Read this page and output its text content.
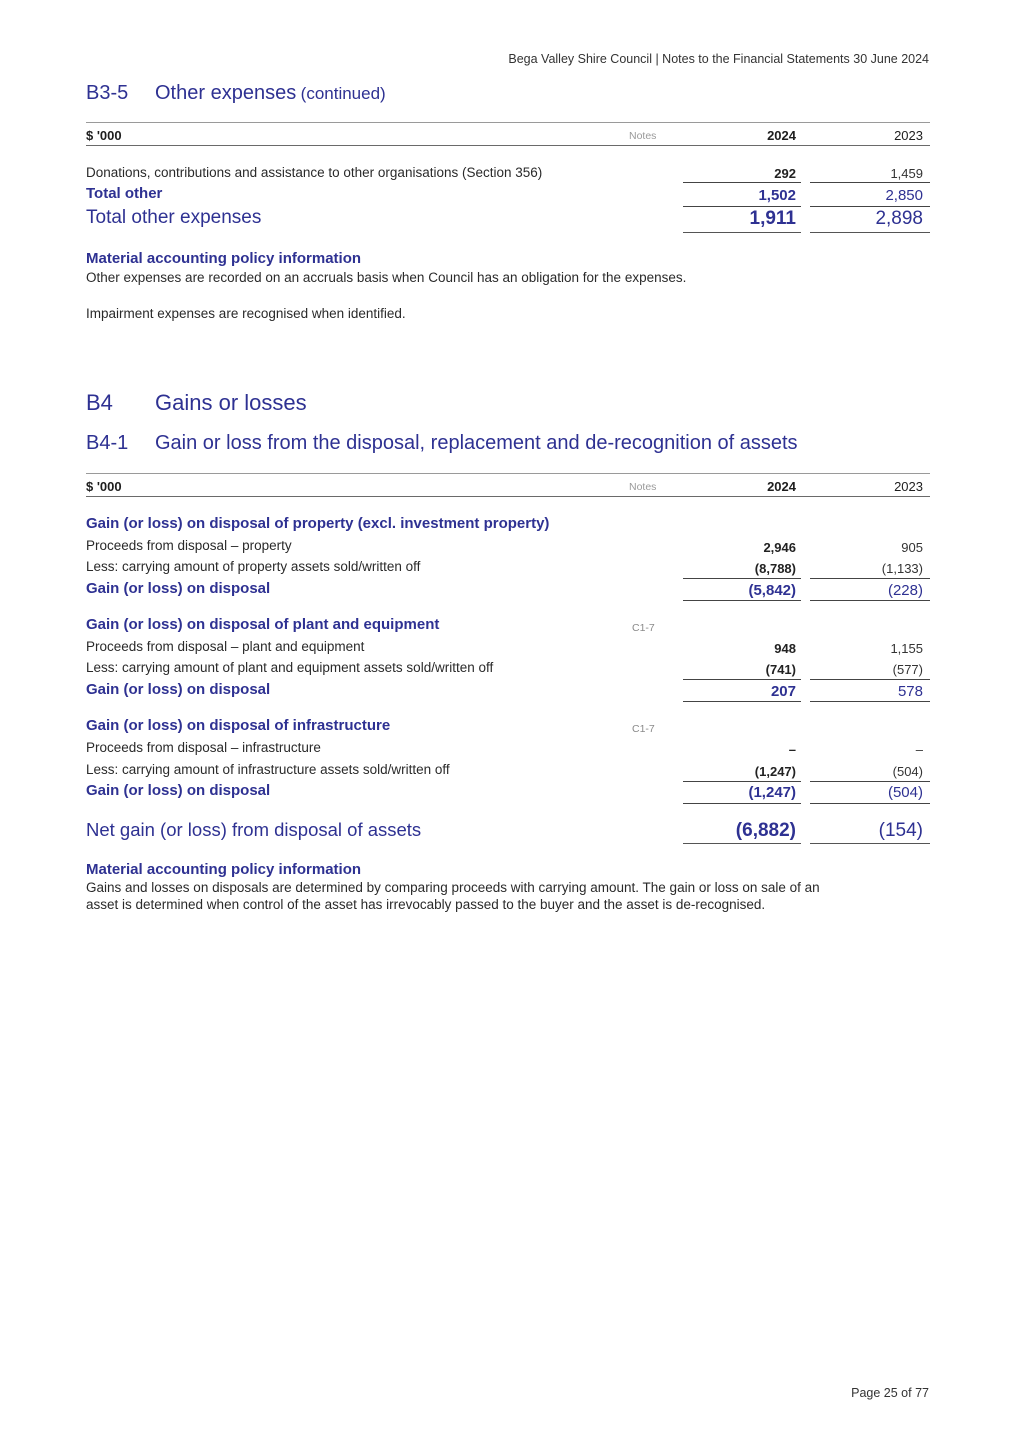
Bega Valley Shire Council | Notes to the Financial Statements 30 June 2024
B3-5 Other expenses (continued)
$ '000	Notes	2024	2023
Donations, contributions and assistance to other organisations (Section 356)	292	1,459
Total other	1,502	2,850
Total other expenses	1,911	2,898
Material accounting policy information
Other expenses are recorded on an accruals basis when Council has an obligation for the expenses.
Impairment expenses are recognised when identified.
B4 Gains or losses
B4-1 Gain or loss from the disposal, replacement and de-recognition of assets
$ '000	Notes	2024	2023
Gain (or loss) on disposal of property (excl. investment property)
Proceeds from disposal – property	2,946	905
Less: carrying amount of property assets sold/written off	(8,788)	(1,133)
Gain (or loss) on disposal	(5,842)	(228)
Gain (or loss) on disposal of plant and equipment	C1-7
Proceeds from disposal – plant and equipment	948	1,155
Less: carrying amount of plant and equipment assets sold/written off	(741)	(577)
Gain (or loss) on disposal	207	578
Gain (or loss) on disposal of infrastructure	C1-7
Proceeds from disposal – infrastructure	–	–
Less: carrying amount of infrastructure assets sold/written off	(1,247)	(504)
Gain (or loss) on disposal	(1,247)	(504)
Net gain (or loss) from disposal of assets	(6,882)	(154)
Material accounting policy information
Gains and losses on disposals are determined by comparing proceeds with carrying amount. The gain or loss on sale of an
asset is determined when control of the asset has irrevocably passed to the buyer and the asset is de-recognised.
Page 25 of 77
